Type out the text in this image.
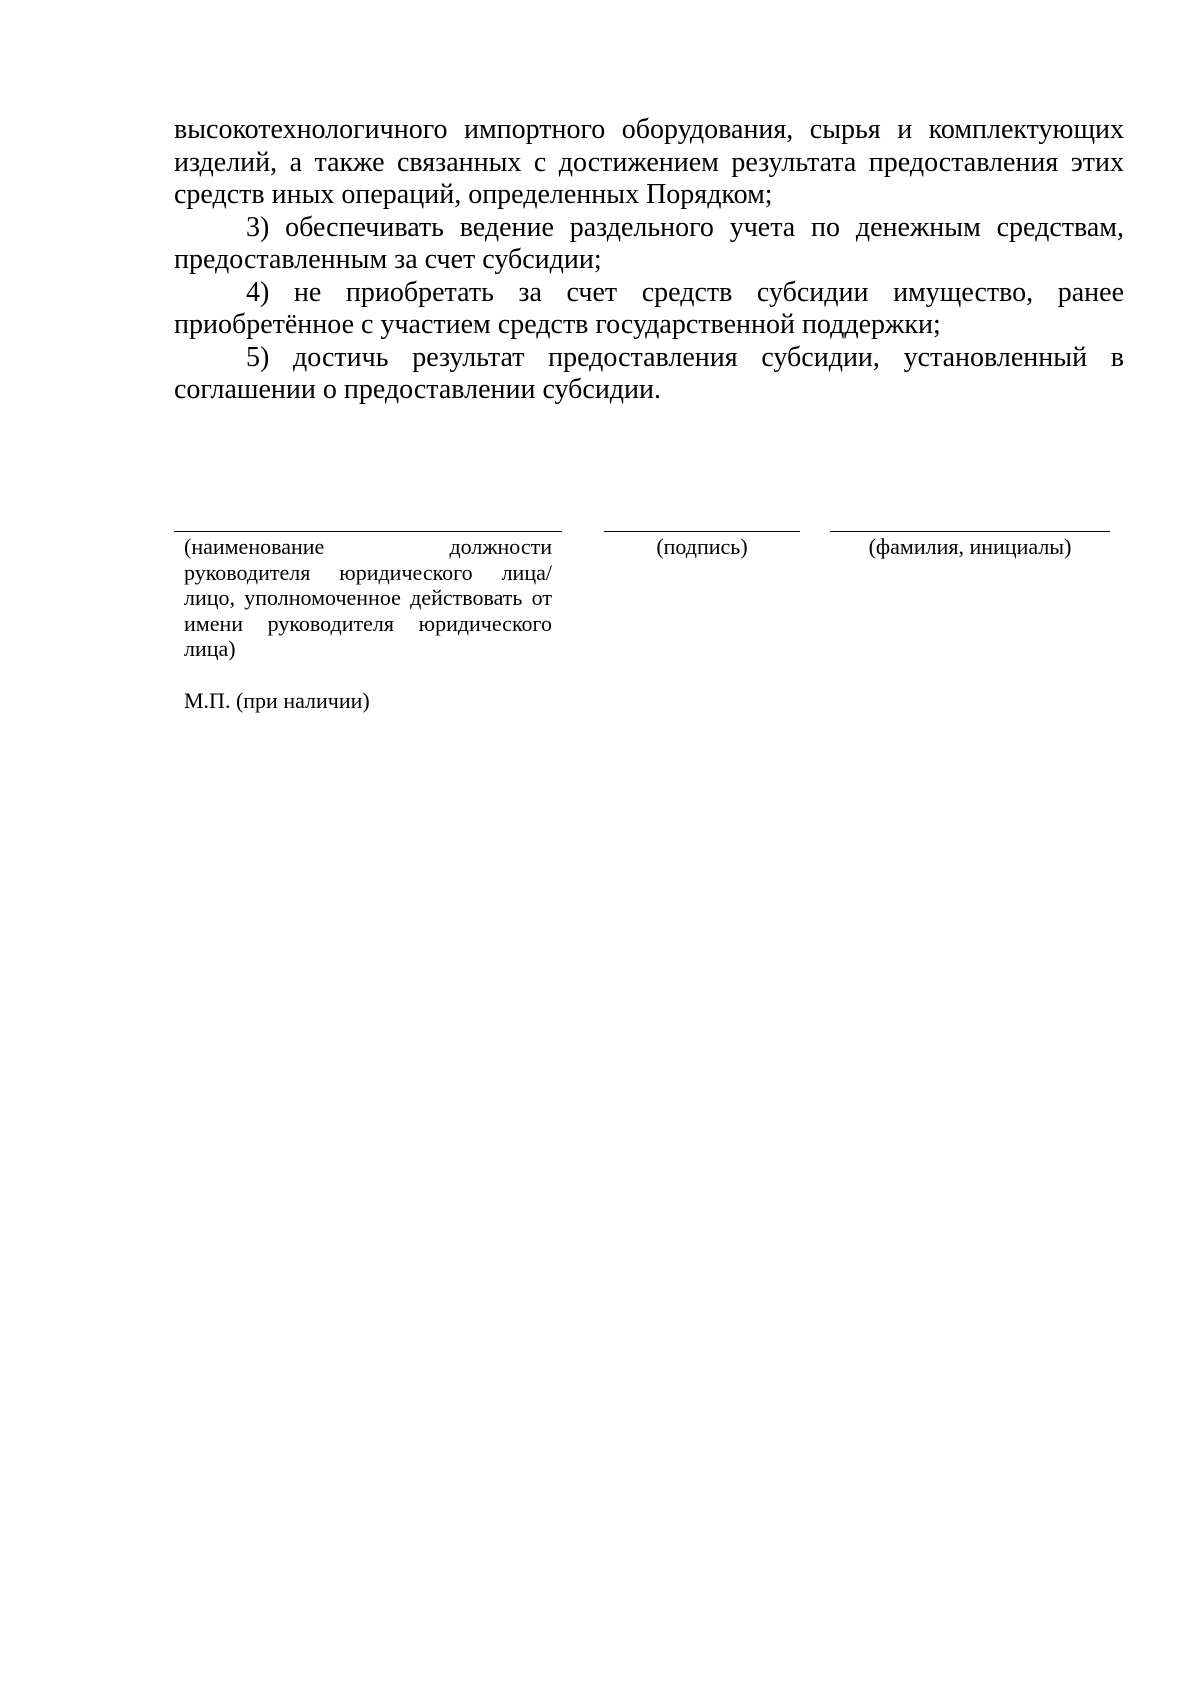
высокотехнологичного импортного оборудования, сырья и комплектующих изделий, а также связанных с достижением результата предоставления этих средств иных операций, определенных Порядком;

3) обеспечивать ведение раздельного учета по денежным средствам, предоставленным за счет субсидии;

4) не приобретать за счет средств субсидии имущество, ранее приобретённое с участием средств государственной поддержки;

5) достичь результат предоставления субсидии, установленный в соглашении о предоставлении субсидии.

(наименование должности руководителя юридического лица/ лицо, уполномоченное действовать от имени руководителя юридического лица)
(подпись)	(фамилия, инициалы)
М.П. (при наличии)
